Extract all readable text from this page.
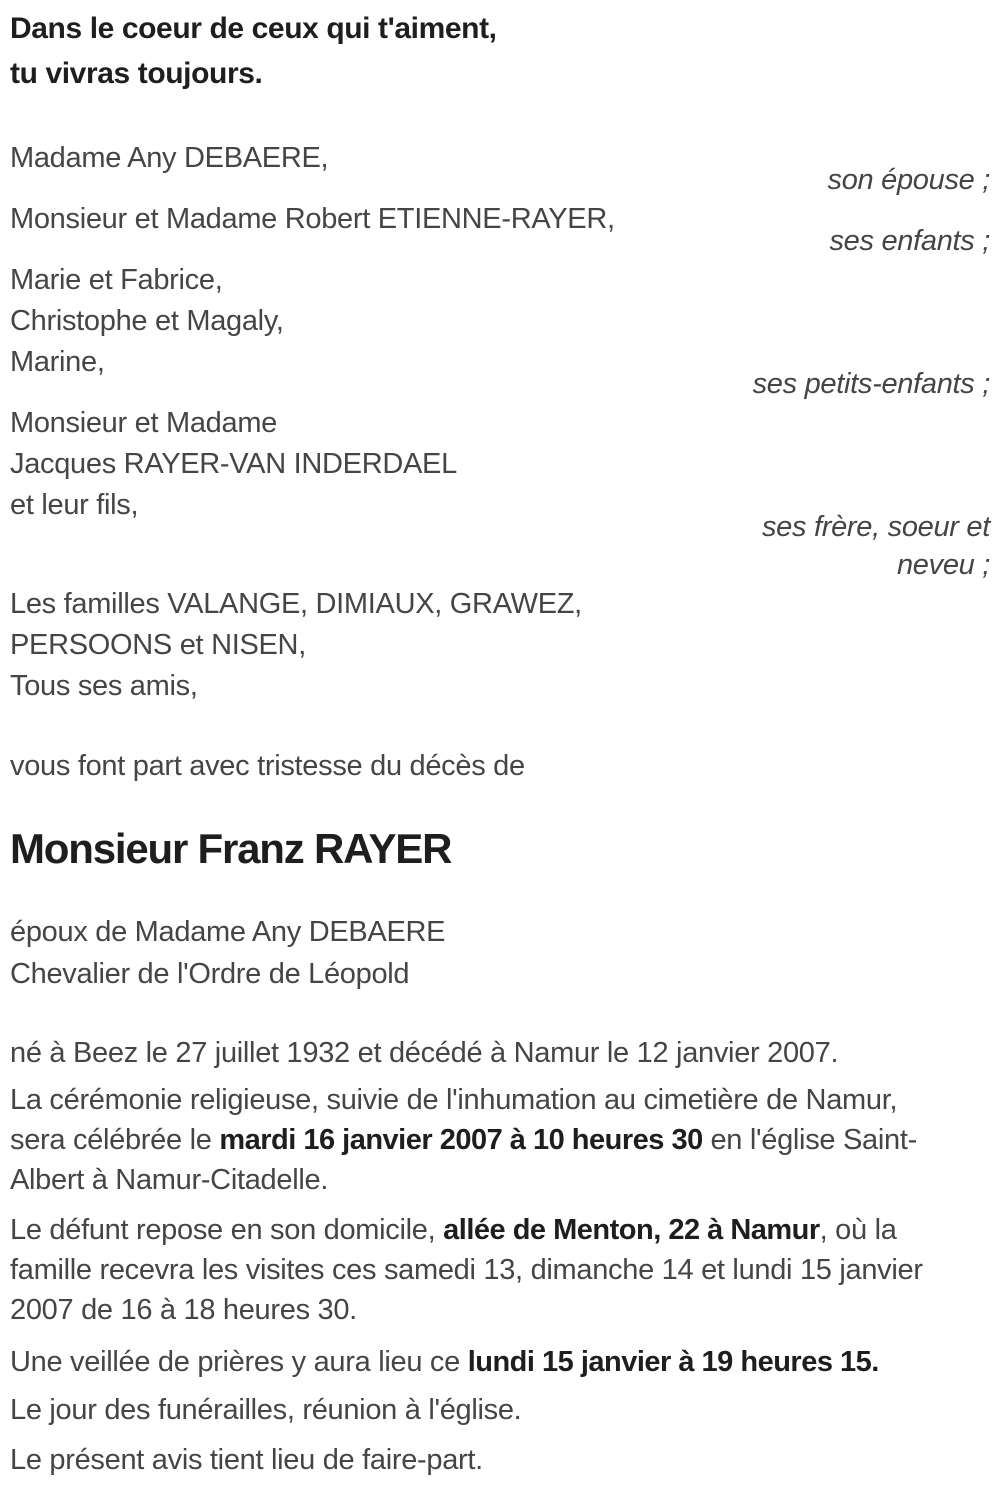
Dans le coeur de ceux qui t'aiment,
tu vivras toujours.
Madame Any DEBAERE,
son épouse ;
Monsieur et Madame Robert ETIENNE-RAYER,
ses enfants ;
Marie et Fabrice,
Christophe et Magaly,
Marine,
ses petits-enfants ;
Monsieur et Madame
Jacques RAYER-VAN INDERDAEL
et leur fils,
ses frère, soeur et
neveu ;
Les familles VALANGE, DIMIAUX, GRAWEZ,
PERSOONS et NISEN,
Tous ses amis,
vous font part avec tristesse du décès de
Monsieur Franz RAYER
époux de Madame Any DEBAERE
Chevalier de l'Ordre de Léopold
né à Beez le 27 juillet 1932 et décédé à Namur le 12 janvier 2007.
La cérémonie religieuse, suivie de l'inhumation au cimetière de Namur,
sera célébrée le mardi 16 janvier 2007 à 10 heures 30 en l'église Saint-
Albert à Namur-Citadelle.
Le défunt repose en son domicile, allée de Menton, 22 à Namur, où la
famille recevra les visites ces samedi 13, dimanche 14 et lundi 15 janvier
2007 de 16 à 18 heures 30.
Une veillée de prières y aura lieu ce lundi 15 janvier à 19 heures 15.
Le jour des funérailles, réunion à l'église.
Le présent avis tient lieu de faire-part.
